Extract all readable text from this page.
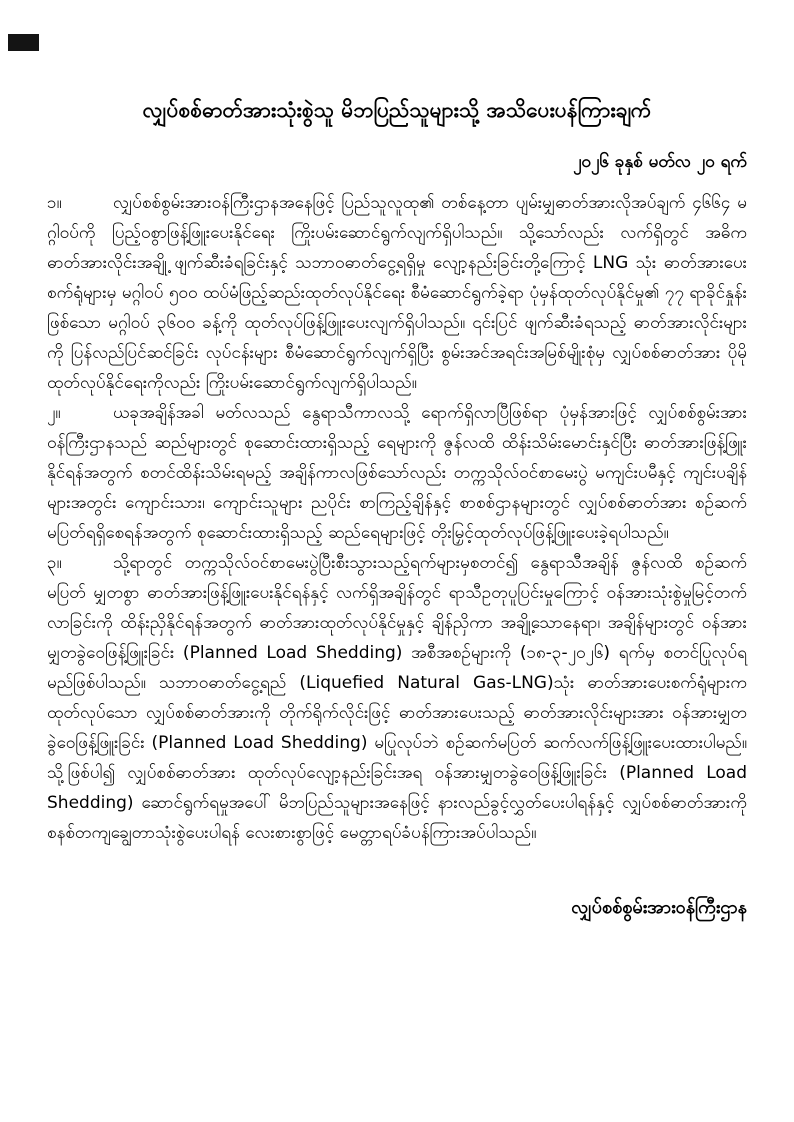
လျှပ်စစ်ဓာတ်အားသုံးစွဲသူ မိဘပြည်သူများသို့ အသိပေးပန်ကြားချက်
၂၀၂၆ ခုနှစ် မတ်လ ၂၀ ရက်

၁။	လျှပ်စစ်စွမ်းအားဝန်ကြီးဌာနအနေဖြင့် ပြည်သူလူထု၏ တစ်နေ့တာ ပျမ်းမျှဓာတ်အားလိုအပ်ချက် ၄၆၆၄ မဂ္ဂါဝပ်ကို ပြည့်ဝစွာဖြန့်ဖြူးပေးနိုင်ရေး ကြိုးပမ်းဆောင်ရွက်လျက်ရှိပါသည်။ သို့သော်လည်း လက်ရှိတွင် အဓိကဓာတ်အားလိုင်းအချို့ ဖျက်ဆီးခံရခြင်းနှင့် သဘာဝဓာတ်ငွေ့ရရှိမှု လျော့နည်းခြင်းတို့ကြောင့် LNG သုံး ဓာတ်အားပေးစက်ရုံများမှ မဂ္ဂါဝပ် ၅၀၀ ထပ်မံဖြည့်ဆည်းထုတ်လုပ်နိုင်ရေး စီမံဆောင်ရွက်ခဲ့ရာ ပုံမှန်ထုတ်လုပ်နိုင်မှု၏ ၇၇ ရာခိုင်နှုန်းဖြစ်သော မဂ္ဂါဝပ် ၃၆၀၀ ခန့်ကို ထုတ်လုပ်ဖြန့်ဖြူးပေးလျက်ရှိပါသည်။ ၎င်းပြင် ဖျက်ဆီးခံရသည့် ဓာတ်အားလိုင်းများကို ပြန်လည်ပြင်ဆင်ခြင်း လုပ်ငန်းများ စီမံဆောင်ရွက်လျက်ရှိပြီး စွမ်းအင်အရင်းအမြစ်မျိုးစုံမှ လျှပ်စစ်ဓာတ်အား ပိုမိုထုတ်လုပ်နိုင်ရေးကိုလည်း ကြိုးပမ်းဆောင်ရွက်လျက်ရှိပါသည်။

၂။	ယခုအချိန်အခါ မတ်လသည် နွေရာသီကာလသို့ ရောက်ရှိလာပြီဖြစ်ရာ ပုံမှန်အားဖြင့် လျှပ်စစ်စွမ်းအားဝန်ကြီးဌာနသည် ဆည်များတွင် စုဆောင်းထားရှိသည့် ရေများကို ဇွန်လထိ ထိန်းသိမ်းမောင်းနှင်ပြီး ဓာတ်အားဖြန့်ဖြူးနိုင်ရန်အတွက် စတင်ထိန်းသိမ်းရမည့် အချိန်ကာလဖြစ်သော်လည်း တက္ကသိုလ်ဝင်စာမေးပွဲ မကျင်းပမီနှင့် ကျင်းပချိန်များအတွင်း ကျောင်းသား၊ ကျောင်းသူများ ညပိုင်း စာကြည့်ချိန်နှင့် စာစစ်ဌာနများတွင် လျှပ်စစ်ဓာတ်အား စဉ်ဆက်မပြတ်ရရှိစေရန်အတွက် စုဆောင်းထားရှိသည့် ဆည်ရေများဖြင့် တိုးမြှင့်ထုတ်လုပ်ဖြန့်ဖြူးပေးခဲ့ရပါသည်။

၃။	သို့ရာတွင် တက္ကသိုလ်ဝင်စာမေးပွဲပြီးစီးသွားသည့်ရက်များမှစတင်၍ နွေရာသီအချိန် ဇွန်လထိ စဉ်ဆက်မပြတ် မျှတစွာ ဓာတ်အားဖြန့်ဖြူးပေးနိုင်ရန်နှင့် လက်ရှိအချိန်တွင် ရာသီဥတုပူပြင်းမှုကြောင့် ဝန်အားသုံးစွဲမှုမြင့်တက်လာခြင်းကို ထိန်းညှိနိုင်ရန်အတွက် ဓာတ်အားထုတ်လုပ်နိုင်မှုနှင့် ချိန်ညှိကာ အချို့သောနေရာ၊ အချိန်များတွင် ဝန်အားမျှတခွဲဝေဖြန့်ဖြူးခြင်း (Planned Load Shedding) အစီအစဉ်များကို (၁၈-၃-၂၀၂၆) ရက်မှ စတင်ပြုလုပ်ရမည်ဖြစ်ပါသည်။ သဘာဝဓာတ်ငွေ့ရည် (Liquefied Natural Gas-LNG)သုံး ဓာတ်အားပေးစက်ရုံများက ထုတ်လုပ်သော လျှပ်စစ်ဓာတ်အားကို တိုက်ရိုက်လိုင်းဖြင့် ဓာတ်အားပေးသည့် ဓာတ်အားလိုင်းများအား ဝန်အားမျှတခွဲဝေဖြန့်ဖြူးခြင်း (Planned Load Shedding) မပြုလုပ်ဘဲ စဉ်ဆက်မပြတ် ဆက်လက်ဖြန့်ဖြူးပေးထားပါမည်။ သို့ဖြစ်ပါ၍ လျှပ်စစ်ဓာတ်အား ထုတ်လုပ်လျော့နည်းခြင်းအရ ဝန်အားမျှတခွဲဝေဖြန့်ဖြူးခြင်း (Planned Load Shedding) ဆောင်ရွက်ရမှုအပေါ် မိဘပြည်သူများအနေဖြင့် နားလည်ခွင့်လွှတ်ပေးပါရန်နှင့် လျှပ်စစ်ဓာတ်အားကို စနစ်တကျချွေတာသုံးစွဲပေးပါရန် လေးစားစွာဖြင့် မေတ္တာရပ်ခံပန်ကြားအပ်ပါသည်။

လျှပ်စစ်စွမ်းအားဝန်ကြီးဌာန
